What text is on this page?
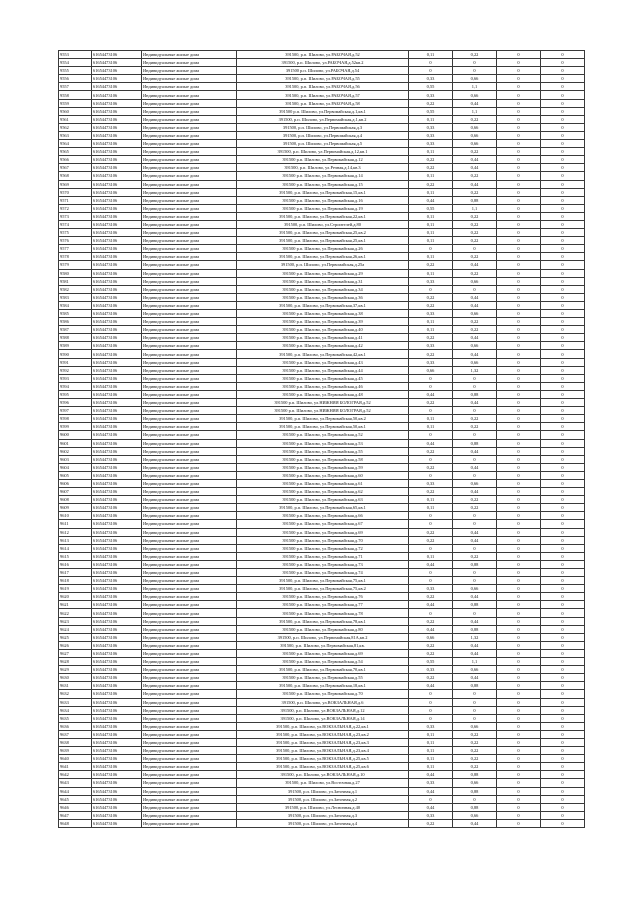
9553	61654473106	Индивидуальные жилые дома	391500, р.п. Шилово, ул.РАБОЧАЯ,д.52	0,11	0,22	0	0
9554	61654473106	Индивидуальные жилые дома	391500, р.п. Шилово, ул.РАБОЧАЯ,д.52кв.2	0	0	0	0
9555	61654473106	Индивидуальные жилые дома	391500 р.п. Шилово, ул.РАБОЧАЯ,д.54	0	0	0	0
9556	61654473106	Индивидуальные жилые дома	391500, р.п. Шилово, ул.РАБОЧАЯ,д.55	0,33	0,66	0	0
9557	61654473106	Индивидуальные жилые дома	391500, р.п. Шилово, ул.РАБОЧАЯ,д.56	0,55	1,1	0	0
9558	61654473106	Индивидуальные жилые дома	391500, р.п. Шилово, ул.РАБОЧАЯ,д.57	0,33	0,66	0	0
9559	61654473106	Индивидуальные жилые дома	391500, р.п. Шилово, ул.РАБОЧАЯ,д.58	0,22	0,44	0	0
9560	61654473106	Индивидуальные жилые дома	391500 р.п. Шилово, ул.Первомайская,д.1,кв.1	0,55	1,1	0	0
9561	61654473106	Индивидуальные жилые дома	391500, р.п. Шилово, ул.Первомайская,д.1,кв.2	0,11	0,22	0	0
9562	61654473106	Индивидуальные жилые дома	391500, р.п. Шилово, ул.Первомайская,д.3	0,33	0,66	0	0
9563	61654473106	Индивидуальные жилые дома	391500, р.п. Шилово, ул.Первомайская,д.4	0,33	0,66	0	0
9564	61654473106	Индивидуальные жилые дома	391500, р.п. Шилово, ул.Первомайская,д.5	0,33	0,66	0	0
9565	61654473106	Индивидуальные жилые дома	391500, р.п. Шилово, ул.Первомайская,д.12,кв.1	0,11	0,22	0	0
9566	61654473106	Индивидуальные жилые дома	391500 р.п. Шилово, ул.Первомайская,д.12	0,22	0,44	0	0
9567	61654473106	Индивидуальные жилые дома	391500, р.п. Шилово, ул.Речная,д.14,кв.3	0,22	0,44	0	0
9568	61654473106	Индивидуальные жилые дома	391500 р.п. Шилово, ул.Первомайская,д.14	0,11	0,22	0	0
9569	61654473106	Индивидуальные жилые дома	391500 р.п. Шилово, ул.Первомайская,д.15	0,22	0,44	0	0
9570	61654473106	Индивидуальные жилые дома	391500, р.п. Шилово, ул.Первомайская,15,кв.1	0,11	0,22	0	0
9571	61654473106	Индивидуальные жилые дома	391500 р.п. Шилово, ул.Первомайская,д.16	0,44	0,88	0	0
9572	61654473106	Индивидуальные жилые дома	391500 р.п. Шилово, ул.Первомайская,д.19	0,55	1,1	0	0
9573	61654473106	Индивидуальные жилые дома	391500, р.п. Шилово, ул.Первомайская,22,кв.1	0,11	0,22	0	0
9574	61654473106	Индивидуальные жилые дома	391500, р.п. Шилово, ул.Строителей,д.80	0,11	0,22	0	0
9575	61654473106	Индивидуальные жилые дома	391500, р.п. Шилово, ул.Первомайская,25,кв.2	0,11	0,22	0	0
9576	61654473106	Индивидуальные жилые дома	391500, р.п. Шилово, ул.Первомайская,25,кв.1	0,11	0,22	0	0
9577	61654473106	Индивидуальные жилые дома	391500 р.п. Шилово, ул.Первомайская,д.26	0	0	0	0
9578	61654473106	Индивидуальные жилые дома	391500, р.п. Шилово, ул.Первомайская,26,кв.1	0,11	0,22	0	0
9579	61654473106	Индивидуальные жилые дома	391500, р.п. Шилово, ул.Первомайская,д.25а	0,22	0,44	0	0
9580	61654473106	Индивидуальные жилые дома	391500 р.п. Шилово, ул.Первомайская,д.29	0,11	0,22	0	0
9581	61654473106	Индивидуальные жилые дома	391500 р.п. Шилово, ул.Первомайская,д.31	0,33	0,66	0	0
9582	61654473106	Индивидуальные жилые дома	391500 р.п. Шилово, ул.Первомайская,д.34	0	0	0	0
9583	61654473106	Индивидуальные жилые дома	391500 р.п. Шилово, ул.Первомайская,д.36	0,22	0,44	0	0
9584	61654473106	Индивидуальные жилые дома	391500, р.п. Шилово, ул.Первомайская,37,кв.1	0,22	0,44	0	0
9585	61654473106	Индивидуальные жилые дома	391500 р.п. Шилово, ул.Первомайская,д.38	0,33	0,66	0	0
9586	61654473106	Индивидуальные жилые дома	391500 р.п. Шилово, ул.Первомайская,д.39	0,11	0,22	0	0
9587	61654473106	Индивидуальные жилые дома	391500 р.п. Шилово, ул.Первомайская,д.40	0,11	0,22	0	0
9588	61654473106	Индивидуальные жилые дома	391500 р.п. Шилово, ул.Первомайская,д.41	0,22	0,44	0	0
9589	61654473106	Индивидуальные жилые дома	391500 р.п. Шилово, ул.Первомайская,д.42	0,33	0,66	0	0
9590	61654473106	Индивидуальные жилые дома	391500, р.п. Шилово, ул.Первомайская,42,кв.1	0,22	0,44	0	0
9591	61654473106	Индивидуальные жилые дома	391500 р.п. Шилово, ул.Первомайская,д.43	0,33	0,66	0	0
9592	61654473106	Индивидуальные жилые дома	391500 р.п. Шилово, ул.Первомайская,д.44	0,66	1,32	0	0
9593	61654473106	Индивидуальные жилые дома	391500 р.п. Шилово, ул.Первомайская,д.45	0	0	0	0
9594	61654473106	Индивидуальные жилые дома	391500 р.п. Шилово, ул.Первомайская,д.46	0	0	0	0
9595	61654473106	Индивидуальные жилые дома	391500 р.п. Шилово, ул.Первомайская,д.48	0,44	0,88	0	0
9596	61654473106	Индивидуальные жилые дома	391500 р.п. Шилово, ул.НИЖНЯЯ БОЛОГРАЯ,д.52	0,22	0,44	0	0
9597	61654473106	Индивидуальные жилые дома	391500 р.п. Шилово, ул.НИЖНЯЯ БОЛОГРАЯ,д.52	0	0	0	0
9598	61654473106	Индивидуальные жилые дома	391500, р.п. Шилово, ул.Первомайская,50,кв.2	0,11	0,22	0	0
9599	61654473106	Индивидуальные жилые дома	391500, р.п. Шилово, ул.Первомайская,50,кв.1	0,11	0,22	0	0
9600	61654473106	Индивидуальные жилые дома	391500 р.п. Шилово, ул.Первомайская,д.52	0	0	0	0
9601	61654473106	Индивидуальные жилые дома	391500 р.п. Шилово, ул.Первомайская,д.53	0,44	0,88	0	0
9602	61654473106	Индивидуальные жилые дома	391500 р.п. Шилово, ул.Первомайская,д.55	0,22	0,44	0	0
9603	61654473106	Индивидуальные жилые дома	391500 р.п. Шилово, ул.Первомайская,д.58	0	0	0	0
9604	61654473106	Индивидуальные жилые дома	391500 р.п. Шилово, ул.Первомайская,д.59	0,22	0,44	0	0
9605	61654473106	Индивидуальные жилые дома	391500 р.п. Шилово, ул.Первомайская,д.60	0	0	0	0
9606	61654473106	Индивидуальные жилые дома	391500 р.п. Шилово, ул.Первомайская,д.61	0,33	0,66	0	0
9607	61654473106	Индивидуальные жилые дома	391500 р.п. Шилово, ул.Первомайская,д.62	0,22	0,44	0	0
9608	61654473106	Индивидуальные жилые дома	391500 р.п. Шилово, ул.Первомайская,д.63	0,11	0,22	0	0
9609	61654473106	Индивидуальные жилые дома	391500, р.п. Шилово, ул.Первомайская,65,кв.1	0,11	0,22	0	0
9610	61654473106	Индивидуальные жилые дома	391500 р.п. Шилово, ул.Первомайская,д.66	0	0	0	0
9611	61654473106	Индивидуальные жилые дома	391500 р.п. Шилово, ул.Первомайская,д.67	0	0	0	0
9612	61654473106	Индивидуальные жилые дома	391500 р.п. Шилово, ул.Первомайская,д.69	0,22	0,44	0	0
9613	61654473106	Индивидуальные жилые дома	391500 р.п. Шилово, ул.Первомайская,д.70	0,22	0,44	0	0
9614	61654473106	Индивидуальные жилые дома	391500 р.п. Шилово, ул.Первомайская,д.72	0	0	0	0
9615	61654473106	Индивидуальные жилые дома	391500 р.п. Шилово, ул.Первомайская,д.71	0,11	0,22	0	0
9616	61654473106	Индивидуальные жилые дома	391500 р.п. Шилово, ул.Первомайская,д.73	0,44	0,88	0	0
9617	61654473106	Индивидуальные жилые дома	391500 р.п. Шилово, ул.Первомайская,д.74	0	0	0	0
9618	61654473106	Индивидуальные жилые дома	391500, р.п. Шилово, ул.Первомайская,75,кв.1	0	0	0	0
9619	61654473106	Индивидуальные жилые дома	391500, р.п. Шилово, ул.Первомайская,75,кв.2	0,33	0,66	0	0
9620	61654473106	Индивидуальные жилые дома	391500 р.п. Шилово, ул.Первомайская,д.76	0,22	0,44	0	0
9621	61654473106	Индивидуальные жилые дома	391500 р.п. Шилово, ул.Первомайская,д.77	0,44	0,88	0	0
9622	61654473106	Индивидуальные жилые дома	391500 р.п. Шилово, ул.Первомайская,д.78	0	0	0	0
9623	61654473106	Индивидуальные жилые дома	391500, р.п. Шилово, ул.Первомайская,78,кв.1	0,22	0,44	0	0
9624	61654473106	Индивидуальные жилые дома	391500 р.п. Шилово, ул.Первомайская,д.80	0,44	0,88	0	0
9625	61654473106	Индивидуальные жилые дома	391500, р.п. Шилово, ул.Первомайская,81А,кв.2	0,66	1,32	0	0
9626	61654473106	Индивидуальные жилые дома	391500, р.п. Шилово, ул.Первомайская,81,кв.	0,22	0,44	0	0
9627	61654473106	Индивидуальные жилые дома	391500 р.п. Шилово, ул.Первомайская,д.69	0,22	0,44	0	0
9628	61654473106	Индивидуальные жилые дома	391500 р.п. Шилово, ул.Первомайская,д.54	0,55	1,1	0	0
9629	61654473106	Индивидуальные жилые дома	391500, р.п. Шилово, ул.Первомайская,70,кв.1	0,33	0,66	0	0
9630	61654473106	Индивидуальные жилые дома	391500 р.п. Шилово, ул.Первомайская,д.55	0,22	0,44	0	0
9631	61654473106	Индивидуальные жилые дома	391500, р.п. Шилово, ул.Первомайская,18,кв.1	0,44	0,88	0	0
9632	61654473106	Индивидуальные жилые дома	391500 р.п. Шилово, ул.Первомайская,д.70	0	0	0	0
9633	61654473106	Индивидуальные жилые дома	391500, р.п. Шилово, ул.ВОКЗАЛЬНАЯ,д.6	0	0	0	0
9634	61654473106	Индивидуальные жилые дома	391500, р.п. Шилово, ул.ВОКЗАЛЬНАЯ,д.12	0	0	0	0
9635	61654473106	Индивидуальные жилые дома	391500, р.п. Шилово, ул.ВОКЗАЛЬНАЯ,д.14	0	0	0	0
9636	61654473106	Индивидуальные жилые дома	391500, р.п. Шилово, ул.ВОКЗАЛЬНАЯ,д.22,кв.1	0,33	0,66	0	0
9637	61654473106	Индивидуальные жилые дома	391500, р.п. Шилово, ул.ВОКЗАЛЬНАЯ,д.23,кв.2	0,11	0,22	0	0
9638	61654473106	Индивидуальные жилые дома	391500, р.п. Шилово, ул.ВОКЗАЛЬНАЯ,д.23,кв.3	0,11	0,22	0	0
9639	61654473106	Индивидуальные жилые дома	391500, р.п. Шилово, ул.ВОКЗАЛЬНАЯ,д.23,кв.4	0,11	0,22	0	0
9640	61654473106	Индивидуальные жилые дома	391500, р.п. Шилово, ул.ВОКЗАЛЬНАЯ,д.25,кв.5	0,11	0,22	0	0
9641	61654473106	Индивидуальные жилые дома	391500, р.п. Шилово, ул.ВОКЗАЛЬНАЯ,д.25,кв.6	0,11	0,22	0	0
9642	61654473106	Индивидуальные жилые дома	391500, р.п. Шилово, ул.ВОКЗАЛЬНАЯ,д.10	0,44	0,88	0	0
9643	61654473106	Индивидуальные жилые дома	391500, р.п. Шилово, ул.Восточная,д.27	0,33	0,66	0	0
9644	61654473106	Индивидуальные жилые дома	391500, р.п. Шилово, ул.Заточная,д.1	0,44	0,88	0	0
9645	61654473106	Индивидуальные жилые дома	391500, р.п. Шилово, ул.Заточная,д.2	0	0	0	0
9646	61654473106	Индивидуальные жилые дома	391500, р.п. Шилово, ул.Лесничная,д.40	0,44	0,88	0	0
9647	61654473106	Индивидуальные жилые дома	391500, р.п. Шилово, ул.Заточная,д.3	0,33	0,66	0	0
9648	61654473106	Индивидуальные жилые дома	391500, р.п. Шилово, ул.Заточная,д.4	0,22	0,44	0	0
